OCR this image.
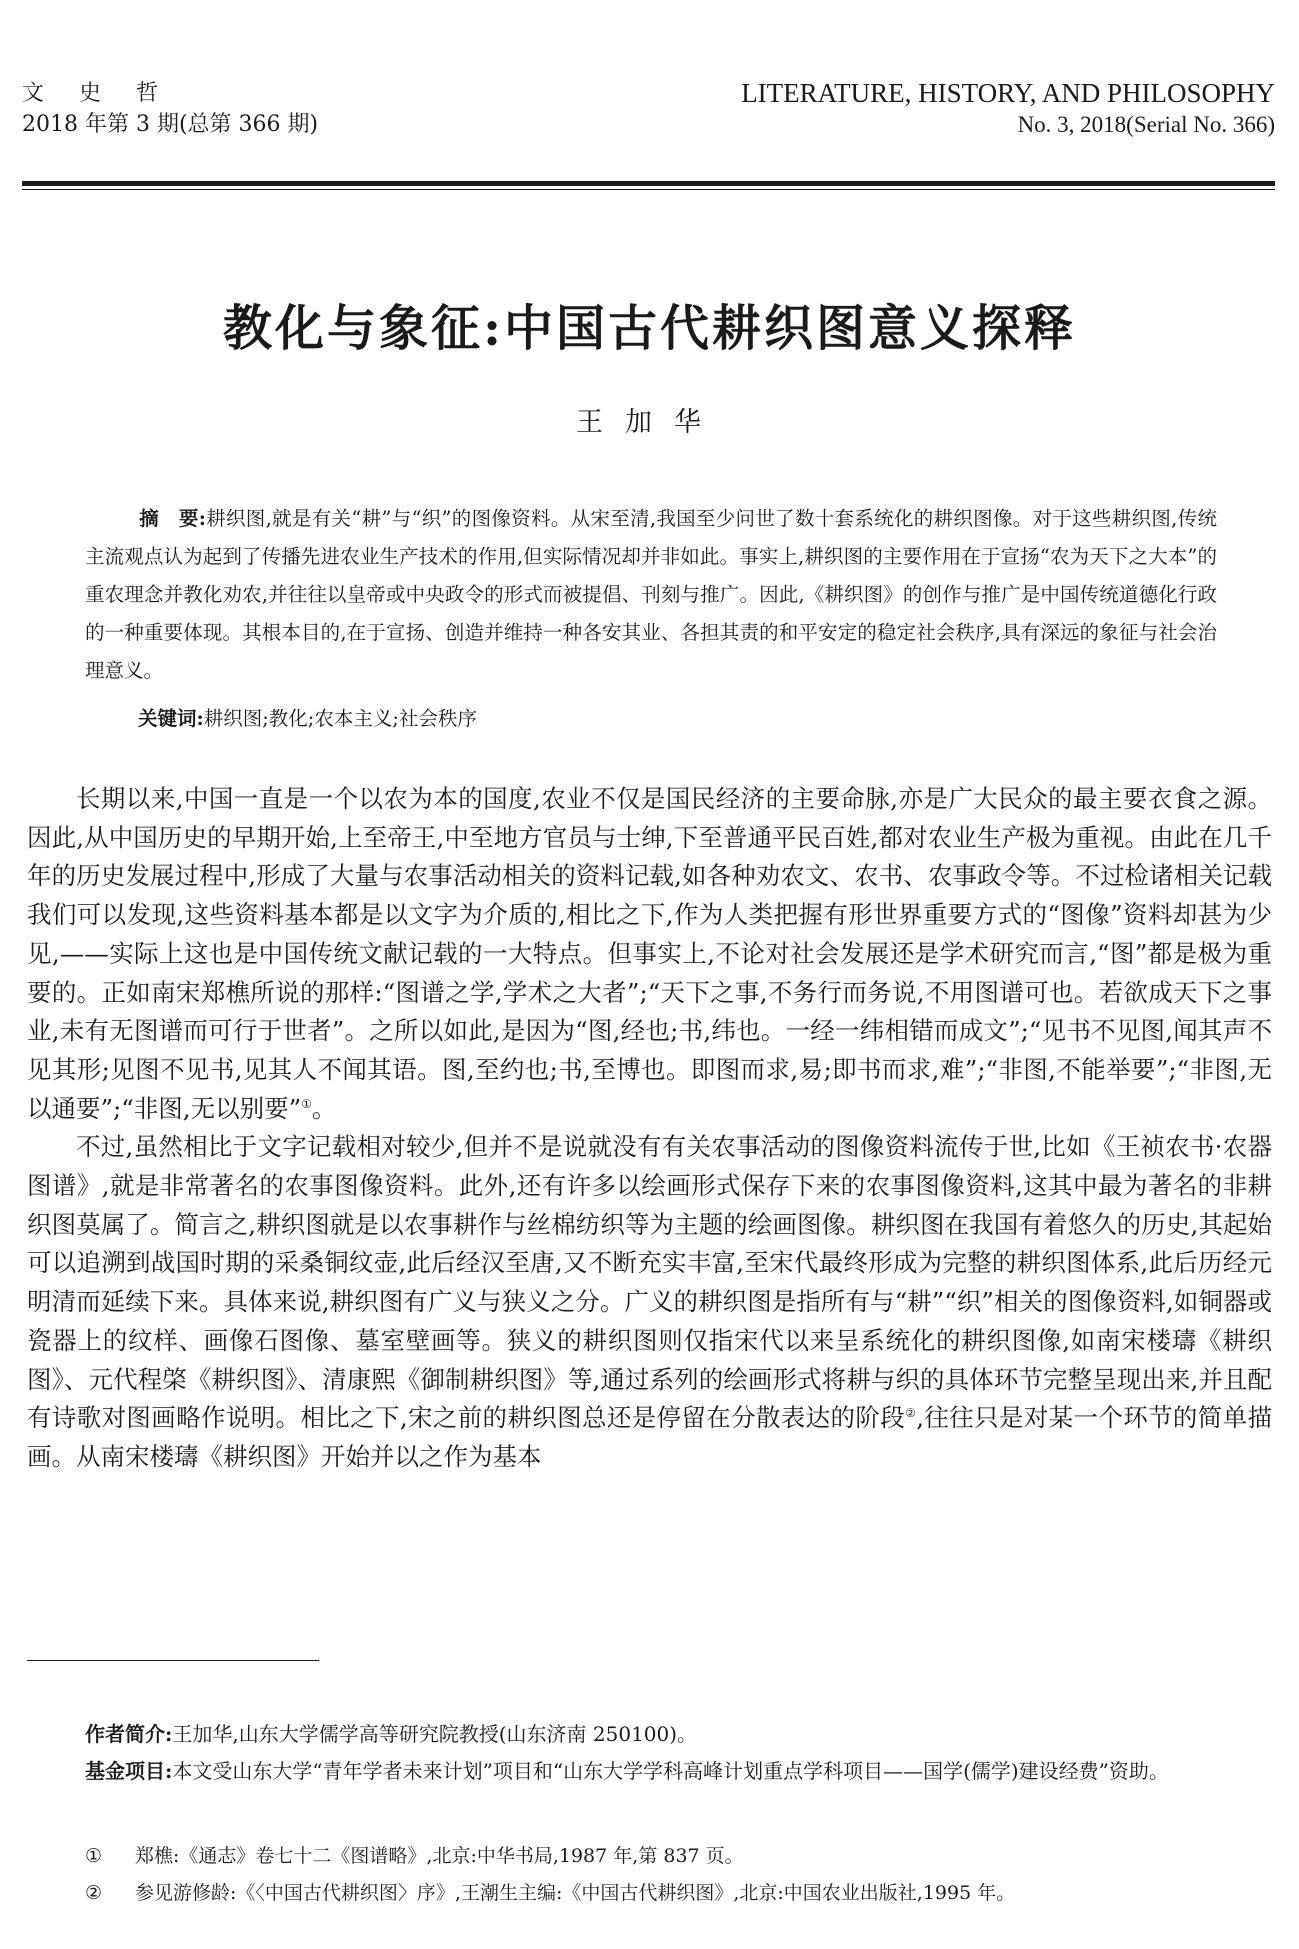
文 史 哲
2018 年第 3 期(总第 366 期)
LITERATURE, HISTORY, AND PHILOSOPHY
No. 3, 2018(Serial No. 366)
教化与象征:中国古代耕织图意义探释
王加华
摘　要:耕织图,就是有关“耕”与“织”的图像资料。从宋至清,我国至少问世了数十套系统化的耕织图像。对于这些耕织图,传统主流观点认为起到了传播先进农业生产技术的作用,但实际情况却并非如此。事实上,耕织图的主要作用在于宣扬“农为天下之大本”的重农理念并教化劝农,并往往以皇帝或中央政令的形式而被提倡、刊刻与推广。因此,《耕织图》的创作与推广是中国传统道德化行政的一种重要体现。其根本目的,在于宣扬、创造并维持一种各安其业、各担其责的和平安定的稳定社会秩序,具有深远的象征与社会治理意义。
关键词:耕织图;教化;农本主义;社会秩序

长期以来,中国一直是一个以农为本的国度,农业不仅是国民经济的主要命脉,亦是广大民众的最主要衣食之源。因此,从中国历史的早期开始,上至帝王,中至地方官员与士绅,下至普通平民百姓,都对农业生产极为重视。由此在几千年的历史发展过程中,形成了大量与农事活动相关的资料记载,如各种劝农文、农书、农事政令等。不过检诸相关记载我们可以发现,这些资料基本都是以文字为介质的,相比之下,作为人类把握有形世界重要方式的“图像”资料却甚为少见,——实际上这也是中国传统文献记载的一大特点。但事实上,不论对社会发展还是学术研究而言,“图”都是极为重要的。正如南宋郑樵所说的那样:“图谱之学,学术之大者”;“天下之事,不务行而务说,不用图谱可也。若欲成天下之事业,未有无图谱而可行于世者”。之所以如此,是因为“图,经也;书,纬也。一经一纬相错而成文”;“见书不见图,闻其声不见其形;见图不见书,见其人不闻其语。图,至约也;书,至博也。即图而求,易;即书而求,难”;“非图,不能举要”;“非图,无以通要”;“非图,无以别要”①。

不过,虽然相比于文字记载相对较少,但并不是说就没有有关农事活动的图像资料流传于世,比如《王祯农书·农器图谱》,就是非常著名的农事图像资料。此外,还有许多以绘画形式保存下来的农事图像资料,这其中最为著名的非耕织图莫属了。简言之,耕织图就是以农事耕作与丝棉纺织等为主题的绘画图像。耕织图在我国有着悠久的历史,其起始可以追溯到战国时期的采桑铜纹壶,此后经汉至唐,又不断充实丰富,至宋代最终形成为完整的耕织图体系,此后历经元明清而延续下来。具体来说,耕织图有广义与狭义之分。广义的耕织图是指所有与“耕”“织”相关的图像资料,如铜器或瓷器上的纹样、画像石图像、墓室壁画等。狭义的耕织图则仅指宋代以来呈系统化的耕织图像,如南宋楼璹《耕织图》、元代程棨《耕织图》、清康熙《御制耕织图》等,通过系列的绘画形式将耕与织的具体环节完整呈现出来,并且配有诗歌对图画略作说明。相比之下,宋之前的耕织图总还是停留在分散表达的阶段②,往往只是对某一个环节的简单描画。从南宋楼璹《耕织图》开始并以之作为基本

作者简介:王加华,山东大学儒学高等研究院教授(山东济南 250100)。

基金项目:本文受山东大学“青年学者未来计划”项目和“山东大学学科高峰计划重点学科项目——国学(儒学)建设经费”资助。

①	郑樵:《通志》卷七十二《图谱略》,北京:中华书局,1987 年,第 837 页。
②	参见游修龄:《〈中国古代耕织图〉序》,王潮生主编:《中国古代耕织图》,北京:中国农业出版社,1995 年。
